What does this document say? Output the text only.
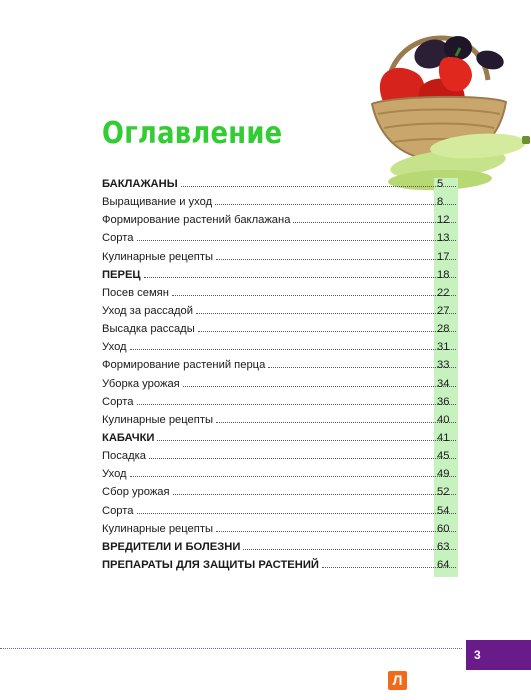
Оглавление
БАКЛАЖАНЫ	5
Выращивание и уход	8
Формирование растений баклажана	12
Сорта	13
Кулинарные рецепты	17
ПЕРЕЦ	18
Посев семян	22
Уход за рассадой	27
Высадка рассады	28
Уход	31
Формирование растений перца	33
Уборка урожая	34
Сорта	36
Кулинарные рецепты	40
КАБАЧКИ	41
Посадка	45
Уход	49
Сбор урожая	52
Сорта	54
Кулинарные рецепты	60
ВРЕДИТЕЛИ И БОЛЕЗНИ	63
ПРЕПАРАТЫ ДЛЯ ЗАЩИТЫ РАСТЕНИЙ	64
3
Л
